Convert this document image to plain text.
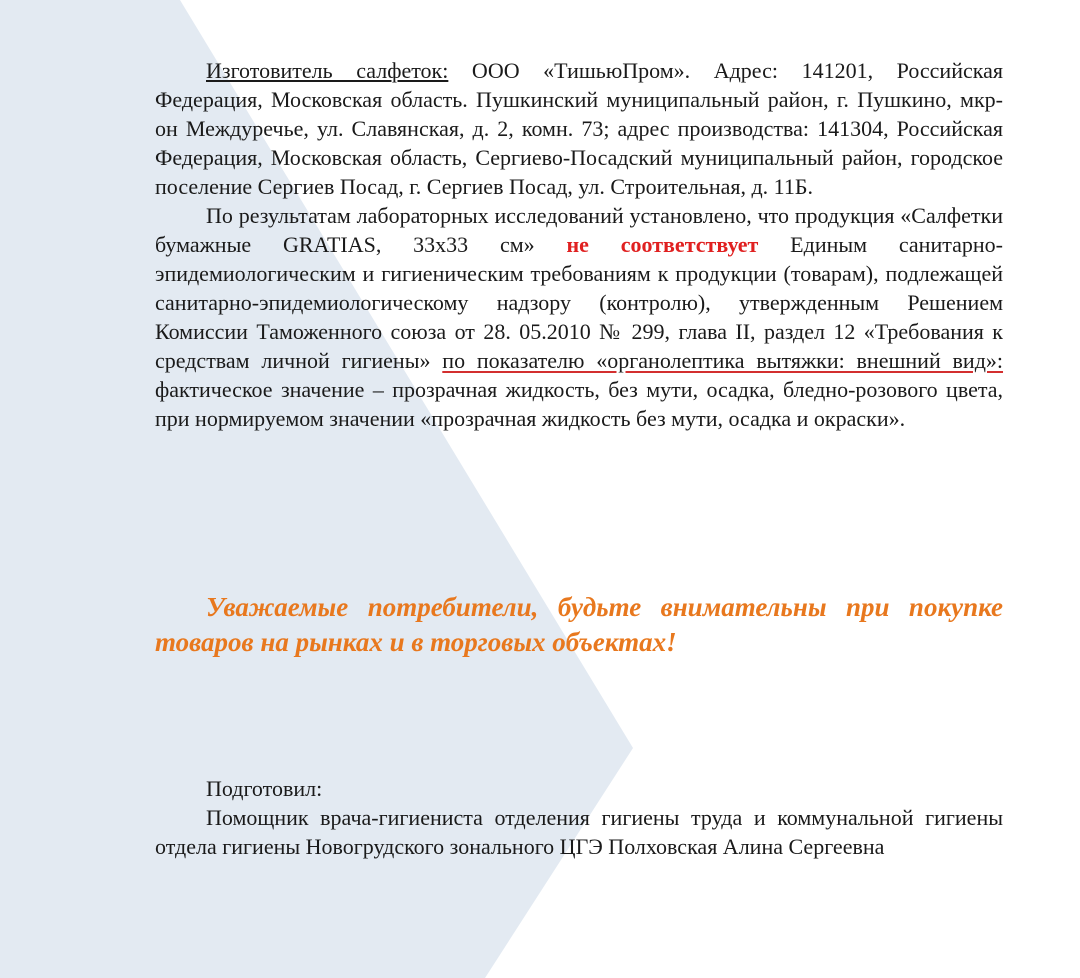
Изготовитель салфеток: ООО «ТишьюПром». Адрес: 141201, Российская Федерация, Московская область. Пушкинский муниципальный район, г. Пушкино, мкр-он Междуречье, ул. Славянская, д. 2, комн. 73; адрес производства: 141304, Российская Федерация, Московская область, Сергиево-Посадский муниципальный район, городское поселение Сергиев Посад, г. Сергиев Посад, ул. Строительная, д. 11Б.

По результатам лабораторных исследований установлено, что продукция «Салфетки бумажные GRATIAS, 33x33 см» не соответствует Единым санитарно-эпидемиологическим и гигиеническим требованиям к продукции (товарам), подлежащей санитарно-эпидемиологическому надзору (контролю), утвержденным Решением Комиссии Таможенного союза от 28. 05.2010 № 299, глава II, раздел 12 «Требования к средствам личной гигиены» по показателю «органолептика вытяжки: внешний вид»: фактическое значение – прозрачная жидкость, без мути, осадка, бледно-розового цвета, при нормируемом значении «прозрачная жидкость без мути, осадка и окраски».

Уважаемые потребители, будьте внимательны при покупке товаров на рынках и в торговых объектах!

Подготовил:

Помощник врача-гигиениста отделения гигиены труда и коммунальной гигиены отдела гигиены Новогрудского зонального ЦГЭ Полховская Алина Сергеевна
